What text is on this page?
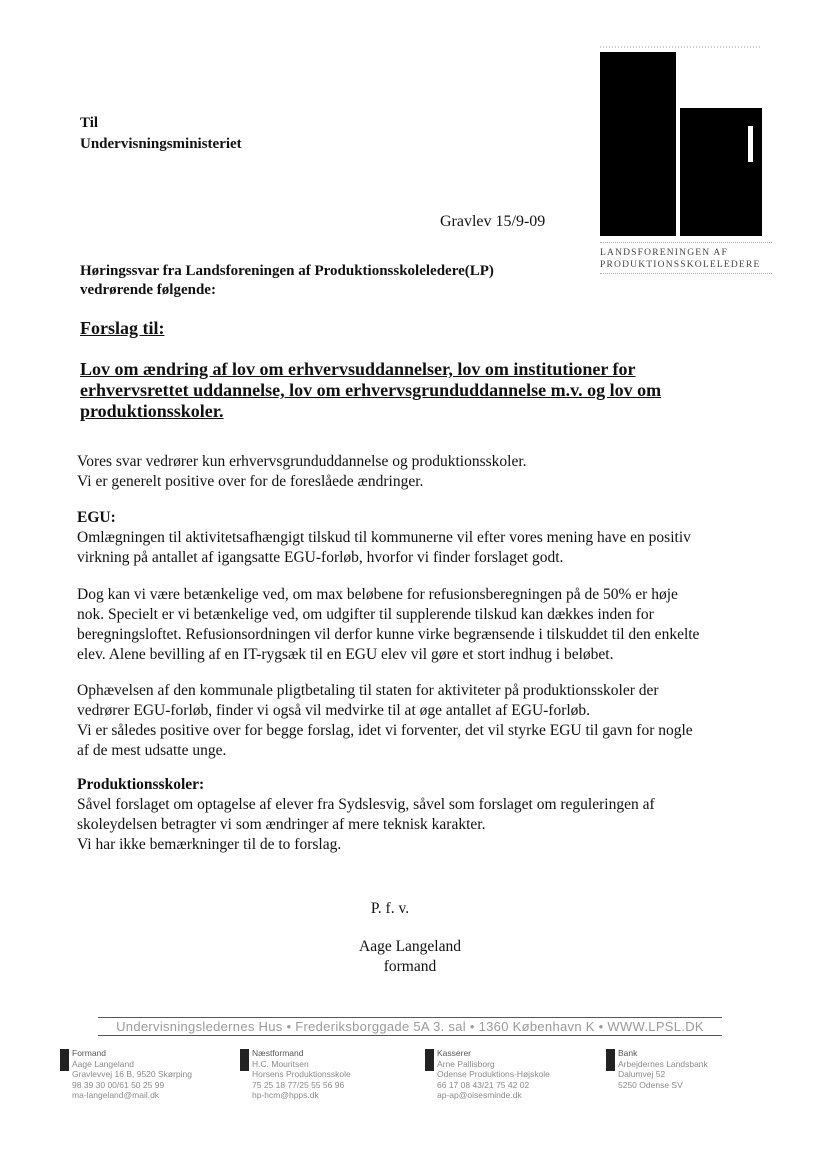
Til
Undervisningsministeriet
LANDSFORENINGEN AF
PRODUKTIONSSKOLELEDERE
Gravlev 15/9-09
Høringssvar fra Landsforeningen af Produktionsskoleledere(LP)
vedrørende følgende:
Forslag til:
Lov om ændring af lov om erhvervsuddannelser, lov om institutioner for
erhvervsrettet uddannelse, lov om erhvervsgrunduddannelse m.v. og lov om
produktionsskoler.

Vores svar vedrører kun erhvervsgrunduddannelse og produktionsskoler.

Vi er generelt positive over for de foreslåede ændringer.

EGU:

Omlægningen til aktivitetsafhængigt tilskud til kommunerne vil efter vores mening have en positiv

virkning på antallet af igangsatte EGU-forløb, hvorfor vi finder forslaget godt.

Dog kan vi være betænkelige ved, om max beløbene for refusionsberegningen på de 50% er høje

nok. Specielt er vi betænkelige ved, om udgifter til supplerende tilskud kan dækkes inden for

beregningsloftet. Refusionsordningen vil derfor kunne virke begrænsende i tilskuddet til den enkelte

elev. Alene bevilling af en IT-rygsæk til en EGU elev vil gøre et stort indhug i beløbet.

Ophævelsen af den kommunale pligtbetaling til staten for aktiviteter på produktionsskoler der

vedrører EGU-forløb, finder vi også vil medvirke til at øge antallet af EGU-forløb.

Vi er således positive over for begge forslag, idet vi forventer, det vil styrke EGU til gavn for nogle

af de mest udsatte unge.

Produktionsskoler:

Såvel forslaget om optagelse af elever fra Sydslesvig, såvel som forslaget om reguleringen af

skoleydelsen betragter vi som ændringer af mere teknisk karakter.

Vi har ikke bemærkninger til de to forslag.

P. f. v.
Aage Langeland
formand
Undervisningsledernes Hus • Frederiksborggade 5A 3. sal • 1360 København K • WWW.LPSL.DK
Formand
Aage Langeland
Gravlevvej 16 B, 9520 Skørping
98 39 30 00/61 50 25 99
ma-langeland@mail.dk
Næstformand
H.C. Mouritsen
Horsens Produktionsskole
75 25 18 77/25 55 56 96
hp-hcm@hpps.dk
Kasserer
Arne Pallisborg
Odense Produktions-Højskole
66 17 08 43/21 75 42 02
ap-ap@oisesminde.dk
Bank
Arbejdernes Landsbank
Dalumvej 52
5250 Odense SV
